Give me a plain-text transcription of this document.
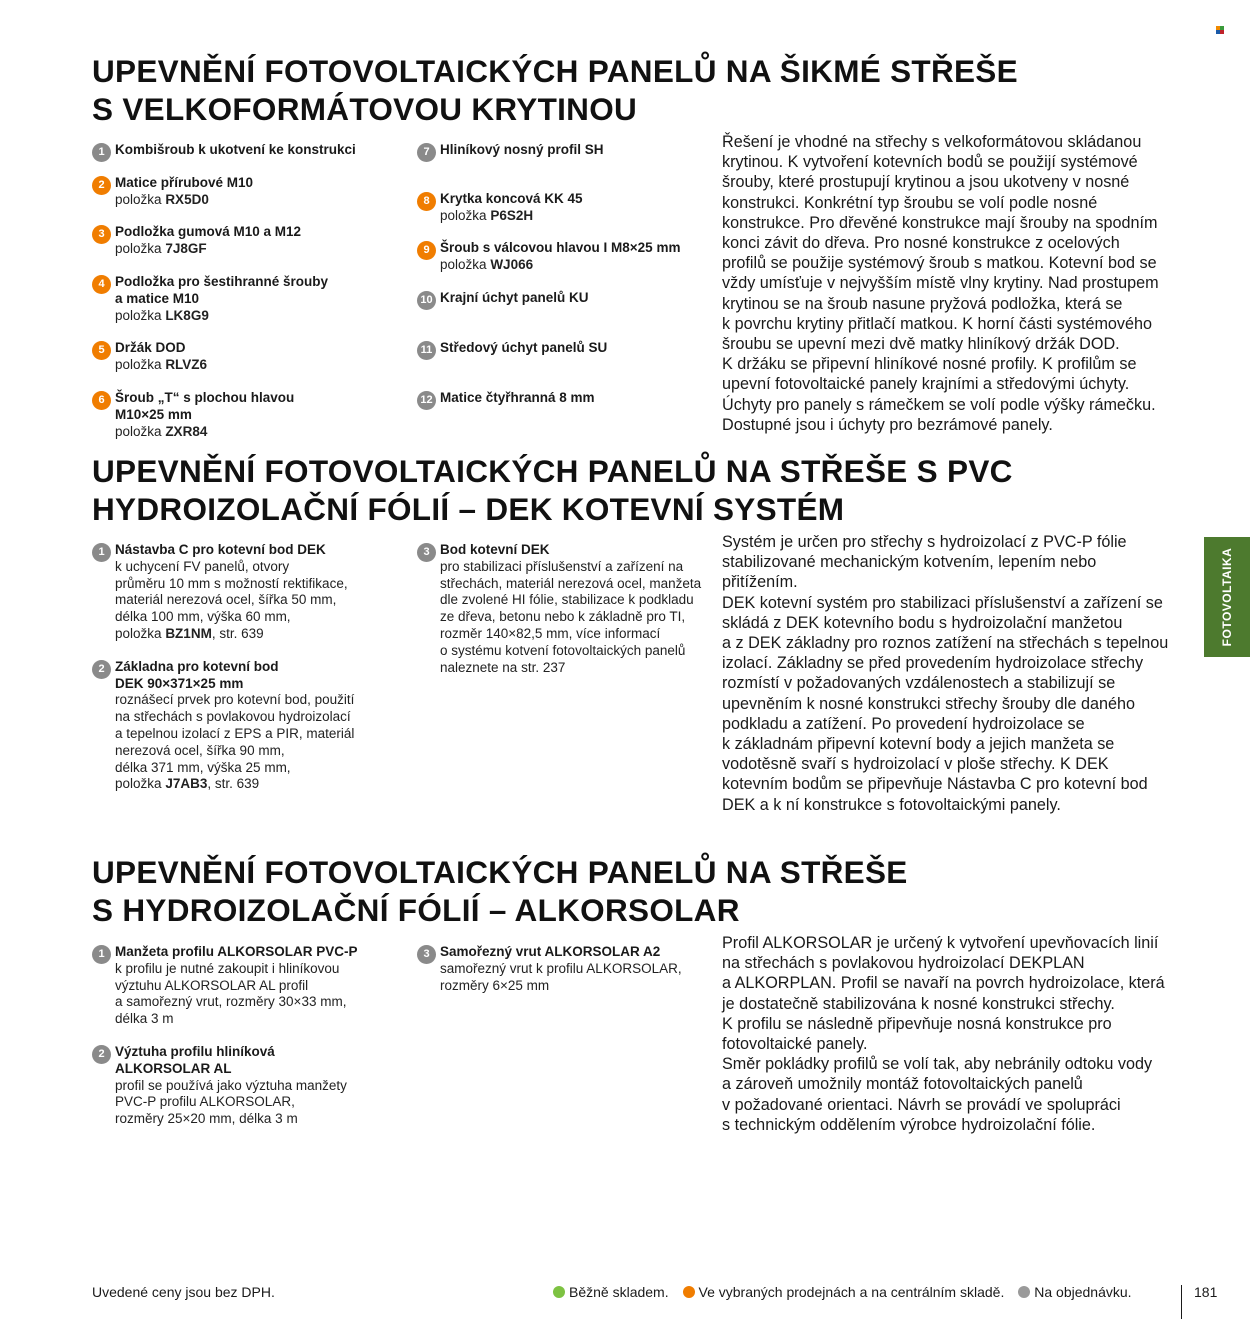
UPEVNĚNÍ FOTOVOLTAICKÝCH PANELŮ NA ŠIKMÉ STŘEŠE
S VELKOFORMÁTOVOU KRYTINOU
1 Kombišroub k ukotvení ke konstrukci
2 Matice přírubové M10
položka RX5D0
3 Podložka gumová M10 a M12
položka 7J8GF
4 Podložka pro šestihranné šrouby
a matice M10
položka LK8G9
5 Držák DOD
položka RLVZ6
6 Šroub „T“ s plochou hlavou
M10×25 mm
položka ZXR84
7 Hliníkový nosný profil SH
8 Krytka koncová KK 45
položka P6S2H
9 Šroub s válcovou hlavou I M8×25 mm
položka WJ066
10 Krajní úchyt panelů KU
11 Středový úchyt panelů SU
12 Matice čtyřhranná 8 mm
Řešení je vhodné na střechy s velkoformátovou skládanou
krytinou. K vytvoření kotevních bodů se použijí systémové
šrouby, které prostupují krytinou a jsou ukotveny v nosné
konstrukci. Konkrétní typ šroubu se volí podle nosné
konstrukce. Pro dřevěné konstrukce mají šrouby na spodním
konci závit do dřeva. Pro nosné konstrukce z ocelových
profilů se použije systémový šroub s matkou. Kotevní bod se
vždy umísťuje v nejvyšším místě vlny krytiny. Nad prostupem
krytinou se na šroub nasune pryžová podložka, která se
k povrchu krytiny přitlačí matkou. K horní části systémového
šroubu se upevní mezi dvě matky hliníkový držák DOD.
K držáku se připevní hliníkové nosné profily. K profilům se
upevní fotovoltaické panely krajními a středovými úchyty.
Úchyty pro panely s rámečkem se volí podle výšky rámečku.
Dostupné jsou i úchyty pro bezrámové panely.
UPEVNĚNÍ FOTOVOLTAICKÝCH PANELŮ NA STŘEŠE S PVC
HYDROIZOLAČNÍ FÓLIÍ – DEK KOTEVNÍ SYSTÉM
1 Nástavba C pro kotevní bod DEK
k uchycení FV panelů, otvory
průměru 10 mm s možností rektifikace,
materiál nerezová ocel, šířka 50 mm,
délka 100 mm, výška 60 mm,
položka BZ1NM, str. 639
2 Základna pro kotevní bod
DEK 90×371×25 mm
roznášecí prvek pro kotevní bod, použití
na střechách s povlakovou hydroizolací
a tepelnou izolací z EPS a PIR, materiál
nerezová ocel, šířka 90 mm,
délka 371 mm, výška 25 mm,
položka J7AB3, str. 639
3 Bod kotevní DEK
pro stabilizaci příslušenství a zařízení na
střechách, materiál nerezová ocel, manžeta
dle zvolené HI fólie, stabilizace k podkladu
ze dřeva, betonu nebo k základně pro TI,
rozměr 140×82,5 mm, více informací
o systému kotvení fotovoltaických panelů
naleznete na str. 237
Systém je určen pro střechy s hydroizolací z PVC-P fólie
stabilizované mechanickým kotvením, lepením nebo
přitížením.
DEK kotevní systém pro stabilizaci příslušenství a zařízení se
skládá z DEK kotevního bodu s hydroizolační manžetou
a z DEK základny pro roznos zatížení na střechách s tepelnou
izolací. Základny se před provedením hydroizolace střechy
rozmístí v požadovaných vzdálenostech a stabilizují se
upevněním k nosné konstrukci střechy šrouby dle daného
podkladu a zatížení. Po provedení hydroizolace se
k základnám připevní kotevní body a jejich manžeta se
vodotěsně svaří s hydroizolací v ploše střechy. K DEK
kotevním bodům se připevňuje Nástavba C pro kotevní bod
DEK a k ní konstrukce s fotovoltaickými panely.
UPEVNĚNÍ FOTOVOLTAICKÝCH PANELŮ NA STŘEŠE
S HYDROIZOLAČNÍ FÓLIÍ – ALKORSOLAR
1 Manžeta profilu ALKORSOLAR PVC-P
k profilu je nutné zakoupit i hliníkovou
výztuhu ALKORSOLAR AL profil
a samořezný vrut, rozměry 30×33 mm,
délka 3 m
2 Výztuha profilu hliníková
ALKORSOLAR AL
profil se používá jako výztuha manžety
PVC-P profilu ALKORSOLAR,
rozměry 25×20 mm, délka 3 m
3 Samořezný vrut ALKORSOLAR A2
samořezný vrut k profilu ALKORSOLAR,
rozměry 6×25 mm
Profil ALKORSOLAR je určený k vytvoření upevňovacích linií
na střechách s povlakovou hydroizolací DEKPLAN
a ALKORPLAN. Profil se navaří na povrch hydroizolace, která
je dostatečně stabilizována k nosné konstrukci střechy.
K profilu se následně připevňuje nosná konstrukce pro
fotovoltaické panely.
Směr pokládky profilů se volí tak, aby nebránily odtoku vody
a zároveň umožnily montáž fotovoltaických panelů
v požadované orientaci. Návrh se provádí ve spolupráci
s technickým oddělením výrobce hydroizolační fólie.
FOTOVOLTAIKA
Uvedené ceny jsou bez DPH.	Běžně skladem. Ve vybraných prodejnách a na centrálním skladě. Na objednávku.	181
